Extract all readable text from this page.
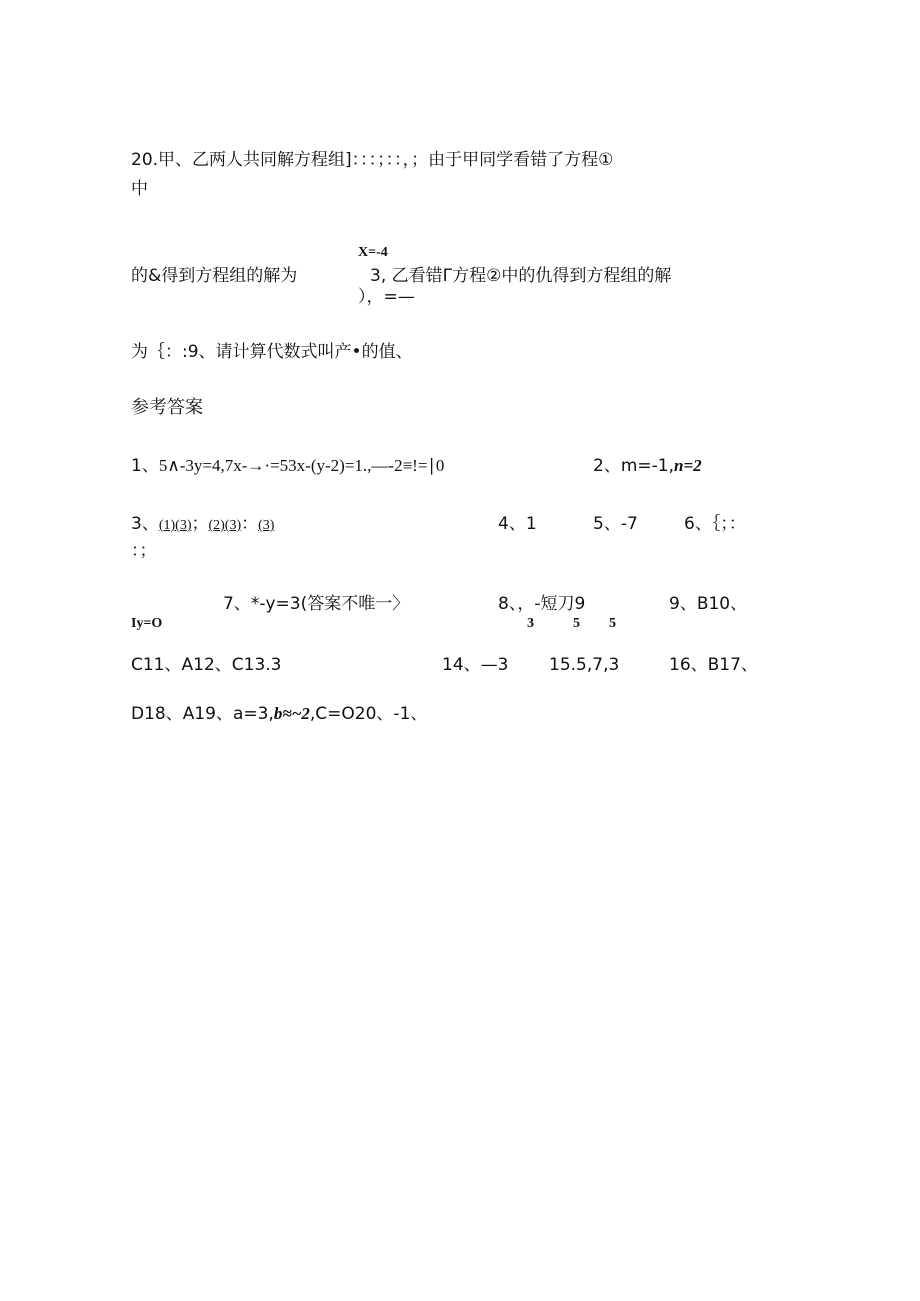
20.甲、乙两人共同解方程组]：：：；：：，；由于甲同学看错了方程①
中
X=-4
的&得到方程组的解为	3, 乙看错Γ方程②中的仇得到方程组的解
），=—
为｛：:9、请计算代数式叫产•的值、
参考答案
1、5∧-3y=4,7x-→·=53x-(y-2)=1.,—-2≡!=∣0	2、m=-1,n=2
3、(1)(3)；(2)(3)：(3)	4、1	5、-7	6、｛；：
：；
7、*-y=3(答案不唯一〉
Iy=O
8、，-短刀9
3	5 5
9、B10、
C11、A12、C13.3	14、—3 15.5,7,3	16、B17、
D18、A19、a=3,b≈~2,C=O20、-1、
